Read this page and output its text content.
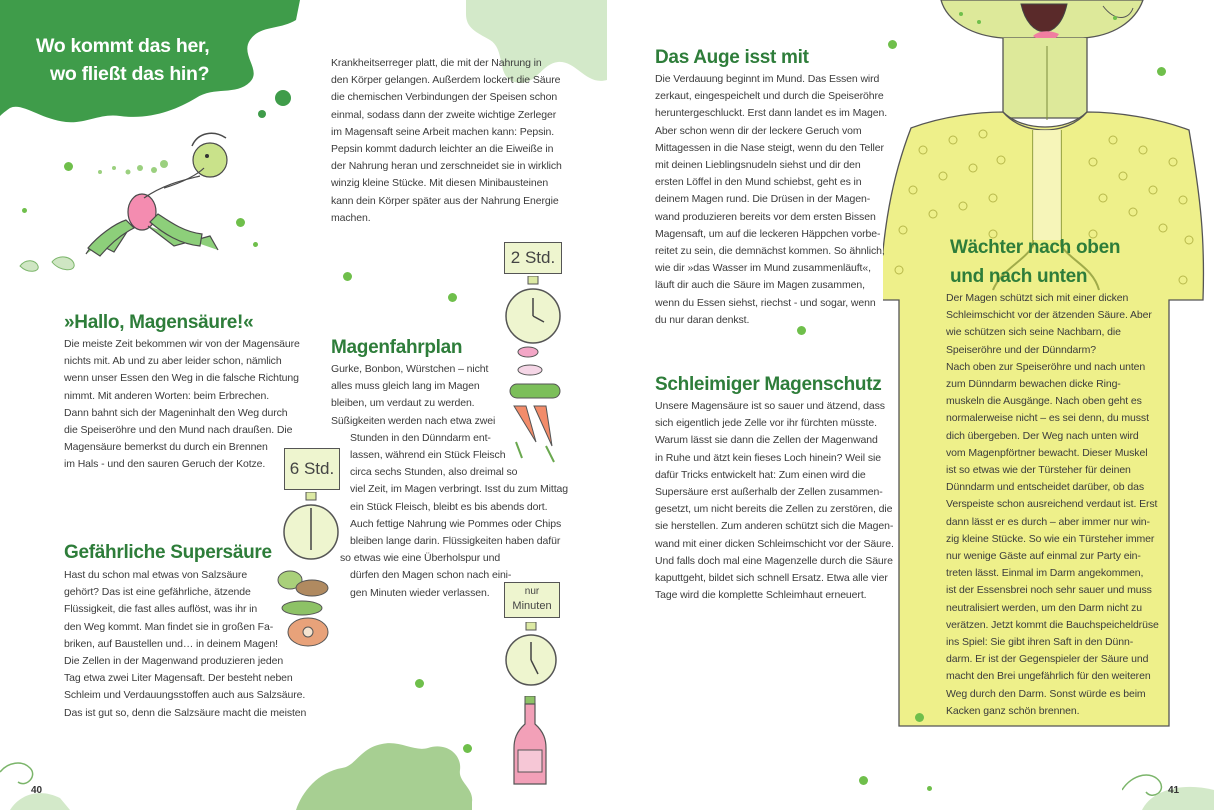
Wo kommt das her,
wo fließt das hin?	Krankheitserreger platt, die mit der Nahrung in
den Körper gelangen. Außerdem lockert die Säure
die chemischen Verbindungen der Speisen schon
einmal, sodass dann der zweite wichtige Zerleger
im Magensaft seine Arbeit machen kann: Pepsin.
Pepsin kommt dadurch leichter an die Eiweiße in
der Nahrung heran und zerschneidet sie in wirklich
winzig kleine Stücke. Mit diesen Minibausteinen
kann dein Körper später aus der Nahrung Energie
machen.
»Hallo, Magensäure!«
Die meiste Zeit bekommen wir von der Magensäure
nichts mit. Ab und zu aber leider schon, nämlich
wenn unser Essen den Weg in die falsche Richtung
nimmt. Mit anderen Worten: beim Erbrechen.
Dann bahnt sich der Mageninhalt den Weg durch
die Speiseröhre und den Mund nach draußen. Die
Magensäure bemerkst du durch ein Brennen
im Hals - und den sauren Geruch der Kotze.
Magenfahrplan
Gurke, Bonbon, Würstchen – nicht
alles muss gleich lang im Magen
bleiben, um verdaut zu werden.
Süßigkeiten werden nach etwa zwei
Stunden in den Dünndarm ent-
lassen, während ein Stück Fleisch
circa sechs Stunden, also dreimal so
viel Zeit, im Magen verbringt. Isst du zum Mittag
ein Stück Fleisch, bleibt es bis abends dort.
Auch fettige Nahrung wie Pommes oder Chips
bleiben lange darin. Flüssigkeiten haben dafür
so etwas wie eine Überholspur und
dürfen den Magen schon nach eini-
gen Minuten wieder verlassen.
Gefährliche Supersäure
Hast du schon mal etwas von Salzsäure
gehört? Das ist eine gefährliche, ätzende
Flüssigkeit, die fast alles auflöst, was ihr in
den Weg kommt. Man findet sie in großen Fa-
briken, auf Baustellen und… in deinem Magen!
Die Zellen in der Magenwand produzieren jeden
Tag etwa zwei Liter Magensaft. Der besteht neben
Schleim und Verdauungsstoffen auch aus Salzsäure.
Das ist gut so, denn die Salzsäure macht die meisten
2 Std.
6 Std.
nur
Minuten
40
Das Auge isst mit
Die Verdauung beginnt im Mund. Das Essen wird
zerkaut, eingespeichelt und durch die Speiseröhre
heruntergeschluckt. Erst dann landet es im Magen.
Aber schon wenn dir der leckere Geruch vom
Mittagessen in die Nase steigt, wenn du den Teller
mit deinen Lieblingsnudeln siehst und dir den
ersten Löffel in den Mund schiebst, geht es in
deinem Magen rund. Die Drüsen in der Magen-
wand produzieren bereits vor dem ersten Bissen
Magensaft, um auf die leckeren Häppchen vorbe-
reitet zu sein, die demnächst kommen. So ähnlich,
wie dir »das Wasser im Mund zusammenläuft«,
läuft dir auch die Säure im Magen zusammen,
wenn du Essen siehst, riechst - und sogar, wenn
du nur daran denkst.
Schleimiger Magenschutz
Unsere Magensäure ist so sauer und ätzend, dass
sich eigentlich jede Zelle vor ihr fürchten müsste.
Warum lässt sie dann die Zellen der Magenwand
in Ruhe und ätzt kein fieses Loch hinein? Weil sie
dafür Tricks entwickelt hat: Zum einen wird die
Supersäure erst außerhalb der Zellen zusammen-
gesetzt, um nicht bereits die Zellen zu zerstören, die
sie herstellen. Zum anderen schützt sich die Magen-
wand mit einer dicken Schleimschicht vor der Säure.
Und falls doch mal eine Magenzelle durch die Säure
kaputtgeht, bildet sich schnell Ersatz. Etwa alle vier
Tage wird die komplette Schleimhaut erneuert.
Wächter nach oben
und nach unten
Der Magen schützt sich mit einer dicken
Schleimschicht vor der ätzenden Säure. Aber
wie schützen sich seine Nachbarn, die
Speiseröhre und der Dünndarm?
Nach oben zur Speiseröhre und nach unten
zum Dünndarm bewachen dicke Ring-
muskeln die Ausgänge. Nach oben geht es
normalerweise nicht – es sei denn, du musst
dich übergeben. Der Weg nach unten wird
vom Magenpförtner bewacht. Dieser Muskel
ist so etwas wie der Türsteher für deinen
Dünndarm und entscheidet darüber, ob das
Verspeiste schon ausreichend verdaut ist. Erst
dann lässt er es durch – aber immer nur win-
zig kleine Stücke. So wie ein Türsteher immer
nur wenige Gäste auf einmal zur Party ein-
treten lässt. Einmal im Darm angekommen,
ist der Essensbrei noch sehr sauer und muss
neutralisiert werden, um den Darm nicht zu
verätzen. Jetzt kommt die Bauchspeicheldrüse
ins Spiel: Sie gibt ihren Saft in den Dünn-
darm. Er ist der Gegenspieler der Säure und
macht den Brei ungefährlich für den weiteren
Weg durch den Darm. Sonst würde es beim
Kacken ganz schön brennen.
41
